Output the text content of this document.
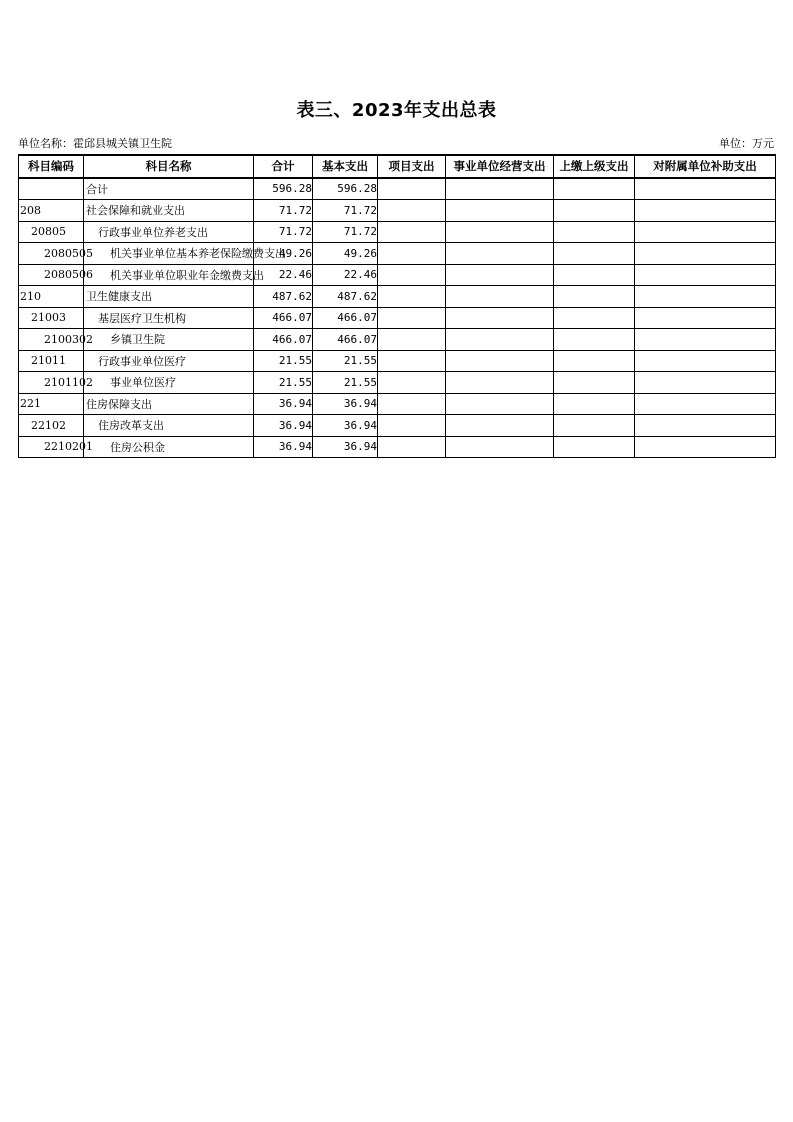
表三、2023年支出总表
单位名称：霍邱县城关镇卫生院	单位：万元
科目编码	科目名称	合计	基本支出	项目支出	事业单位经营支出	上缴上级支出	对附属单位补助支出
	合计	596.28	596.28				
208	社会保障和就业支出	71.72	71.72				
20805	行政事业单位养老支出	71.72	71.72				
2080505	机关事业单位基本养老保险缴费支出	49.26	49.26				
2080506	机关事业单位职业年金缴费支出	22.46	22.46				
210	卫生健康支出	487.62	487.62				
21003	基层医疗卫生机构	466.07	466.07				
2100302	乡镇卫生院	466.07	466.07				
21011	行政事业单位医疗	21.55	21.55				
2101102	事业单位医疗	21.55	21.55				
221	住房保障支出	36.94	36.94				
22102	住房改革支出	36.94	36.94				
2210201	住房公积金	36.94	36.94				
